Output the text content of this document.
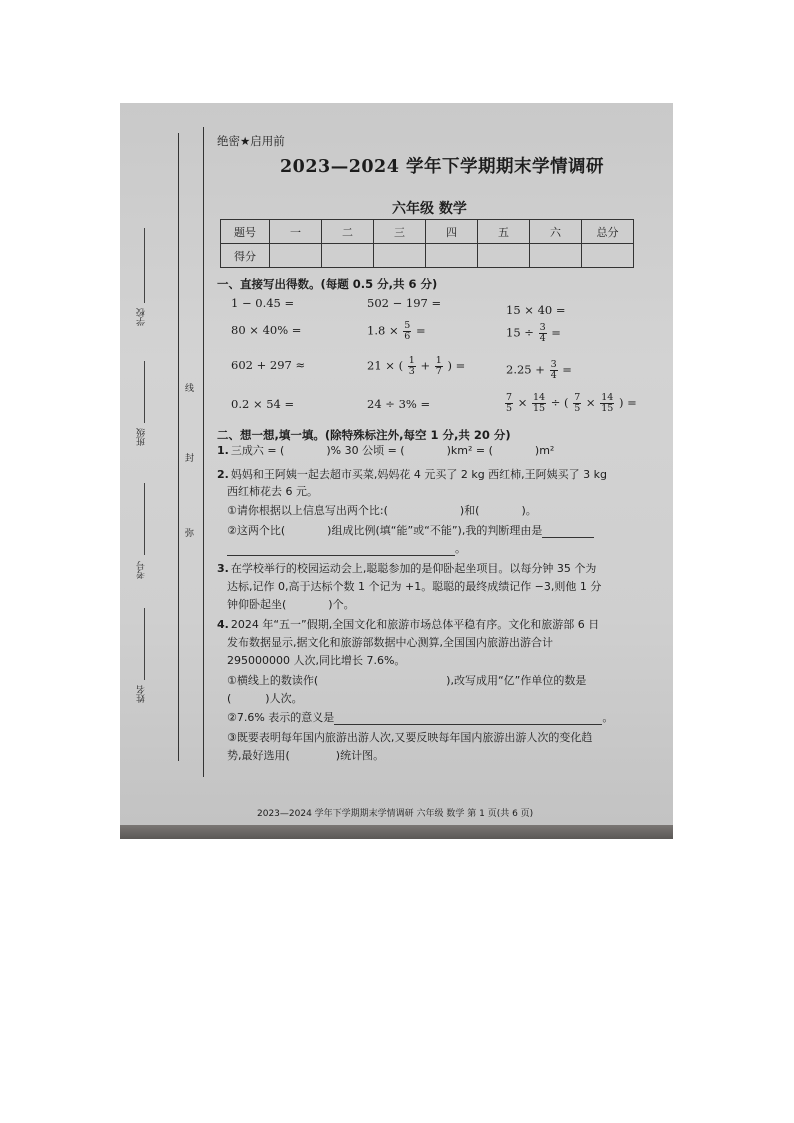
学校
班级
考号
姓名
线
封
弥
绝密★启用前
2023—2024 学年下学期期末学情调研
六年级 数学
题号	一	二	三	四	五	六	总分
得分							
一、直接写出得数。(每题 0.5 分,共 6 分)
1 − 0.45 =	502 − 197 =	15 × 40 =
80 × 40% =	$1.8 \times \frac{5}{6}$ =	$15 \div \frac{3}{4}$ =
602 + 297 ≈	21 × ( $\frac{1}{3} + \frac{1}{7}$ ) =	$2.25 + \frac{3}{4}$ =
0.2 × 54 =	24 ÷ 3% =	$\frac{7}{5} \times \frac{14}{15}$ ÷ ( $\frac{7}{5} \times \frac{14}{15}$ ) =
二、想一想,填一填。(除特殊标注外,每空 1 分,共 20 分)
1. 三成六 = (	)% 30 公顷 = (	)km² = (	)m²
2. 妈妈和王阿姨一起去超市买菜,妈妈花 4 元买了 2 kg 西红柿,王阿姨买了 3 kg
西红柿花去 6 元。
①请你根据以上信息写出两个比:(	)和(	)。
②这两个比(	)组成比例(填“能”或“不能”),我的判断理由是
。
3. 在学校举行的校园运动会上,聪聪参加的是仰卧起坐项目。以每分钟 35 个为
达标,记作 0,高于达标个数 1 个记为 +1。聪聪的最终成绩记作 −3,则他 1 分
钟仰卧起坐(	)个。
4. 2024 年“五一”假期,全国文化和旅游市场总体平稳有序。文化和旅游部 6 日
发布数据显示,据文化和旅游部数据中心测算,全国国内旅游出游合计
295000000 人次,同比增长 7.6%。
①横线上的数读作(	),改写成用“亿”作单位的数是
(	)人次。
②7.6% 表示的意义是	。
③既要表明每年国内旅游出游人次,又要反映每年国内旅游出游人次的变化趋
势,最好选用(	)统计图。
2023—2024 学年下学期期末学情调研 六年级 数学 第 1 页(共 6 页)
